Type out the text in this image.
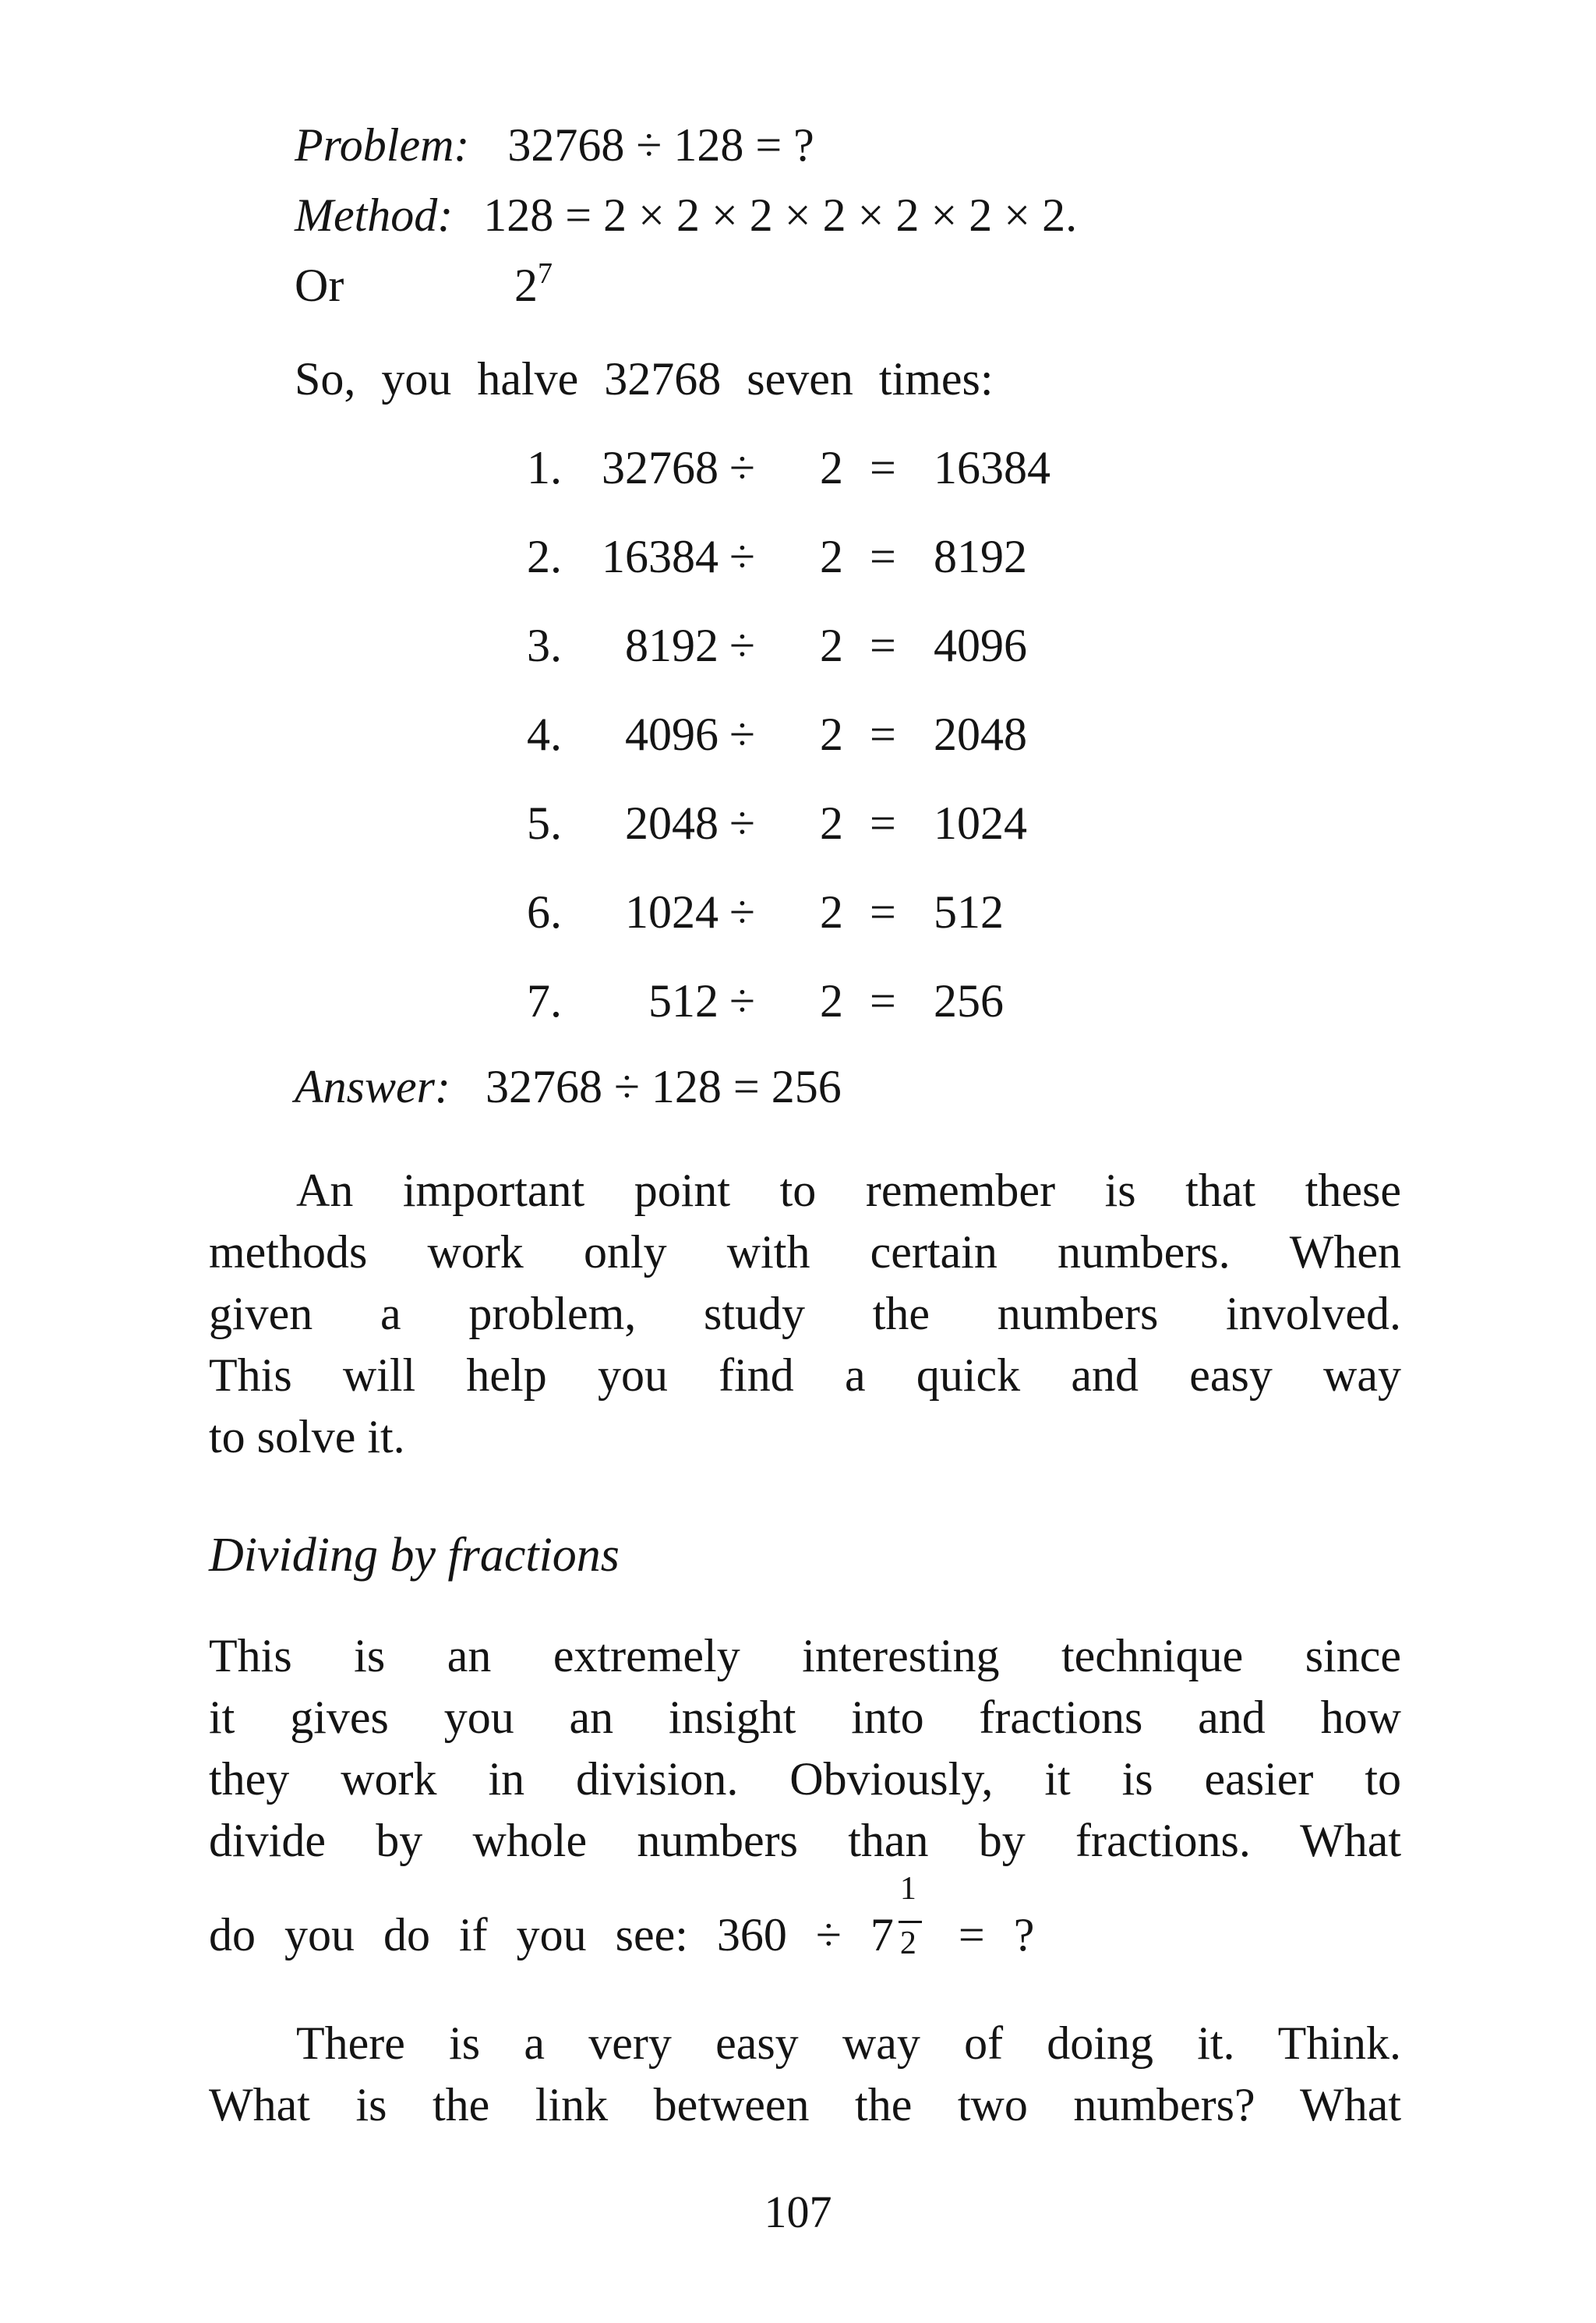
Problem: 32768 ÷ 128 = ?
Method: 128 = 2 × 2 × 2 × 2 × 2 × 2 × 2.
Or	$2^7$
So, you halve 32768 seven times:
1. 32768 ÷ 2 = 16384
2. 16384 ÷ 2 = 8192
3.	8192 ÷ 2 = 4096
4.	4096 ÷ 2 = 2048
5.	2048 ÷ 2 = 1024
6.	1024 ÷ 2 = 512
7.	512 ÷ 2 = 256
Answer: 32768 ÷ 128 = 256
An important point to remember is that these
methods work only with certain numbers. When
given a problem, study the numbers involved.
This will help you find a quick and easy way
to solve it.
Dividing by fractions
This is an extremely interesting technique since
it gives you an insight into fractions and how
they work in division. Obviously, it is easier to
divide by whole numbers than by fractions. What
do you do if you see: $360 \div 7 \frac{1}{2}$ = ?
There is a very easy way of doing it. Think.
What is the link between the two numbers? What
107
